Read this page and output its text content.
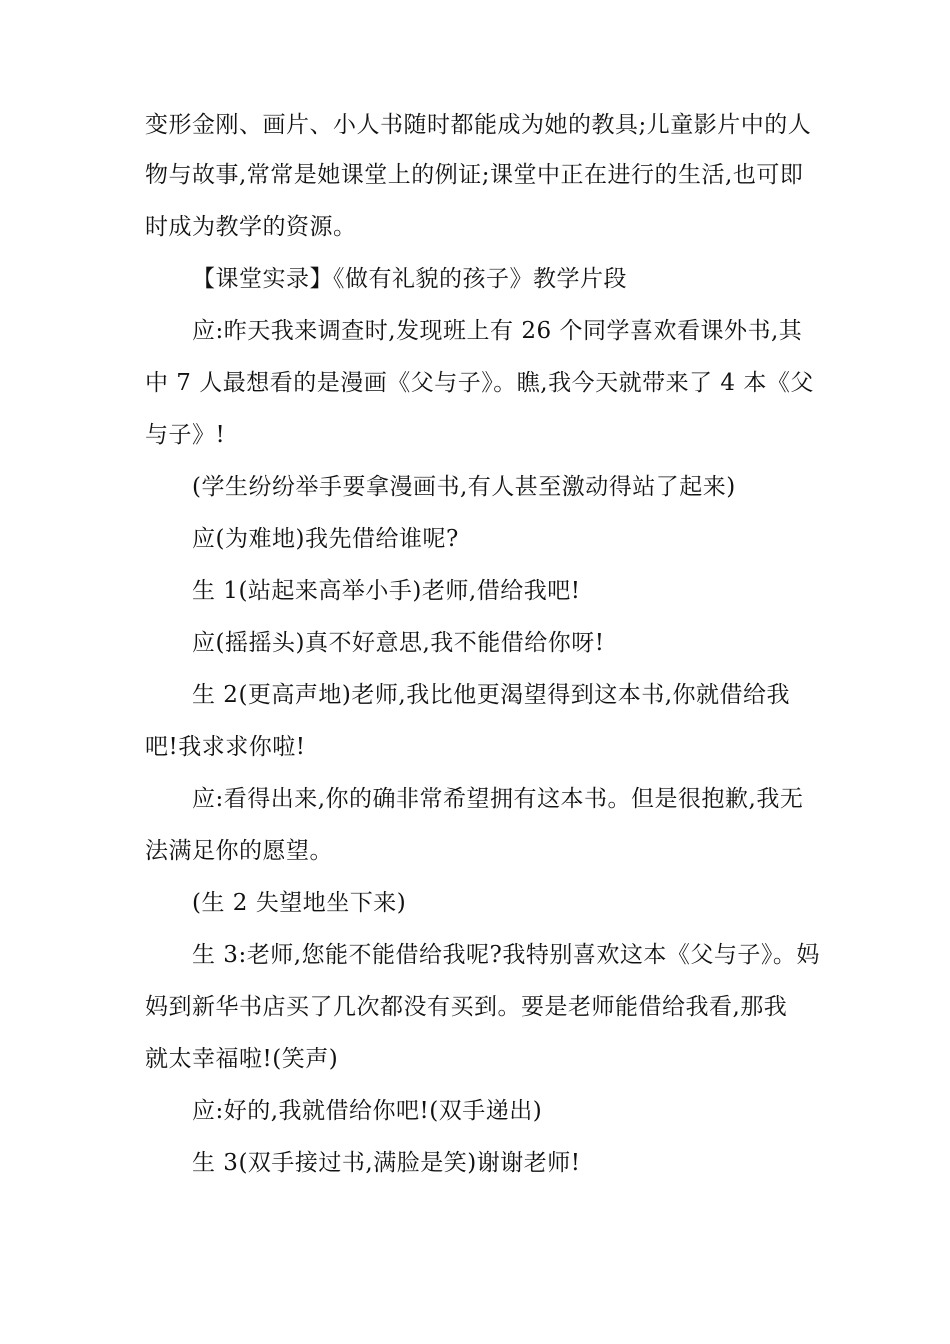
变形金刚、画片、小人书随时都能成为她的教具;儿童影片中的人
物与故事,常常是她课堂上的例证;课堂中正在进行的生活,也可即
时成为教学的资源。
【课堂实录】《做有礼貌的孩子》教学片段
应:昨天我来调查时,发现班上有 26 个同学喜欢看课外书,其
中 7 人最想看的是漫画《父与子》。瞧,我今天就带来了 4 本《父
与子》!
(学生纷纷举手要拿漫画书,有人甚至激动得站了起来)
应(为难地)我先借给谁呢?
生 1(站起来高举小手)老师,借给我吧!
应(摇摇头)真不好意思,我不能借给你呀!
生 2(更高声地)老师,我比他更渴望得到这本书,你就借给我
吧!我求求你啦!
应:看得出来,你的确非常希望拥有这本书。但是很抱歉,我无
法满足你的愿望。
(生 2 失望地坐下来)
生 3:老师,您能不能借给我呢?我特别喜欢这本《父与子》。妈
妈到新华书店买了几次都没有买到。要是老师能借给我看,那我
就太幸福啦!(笑声)
应:好的,我就借给你吧!(双手递出)
生 3(双手接过书,满脸是笑)谢谢老师!
